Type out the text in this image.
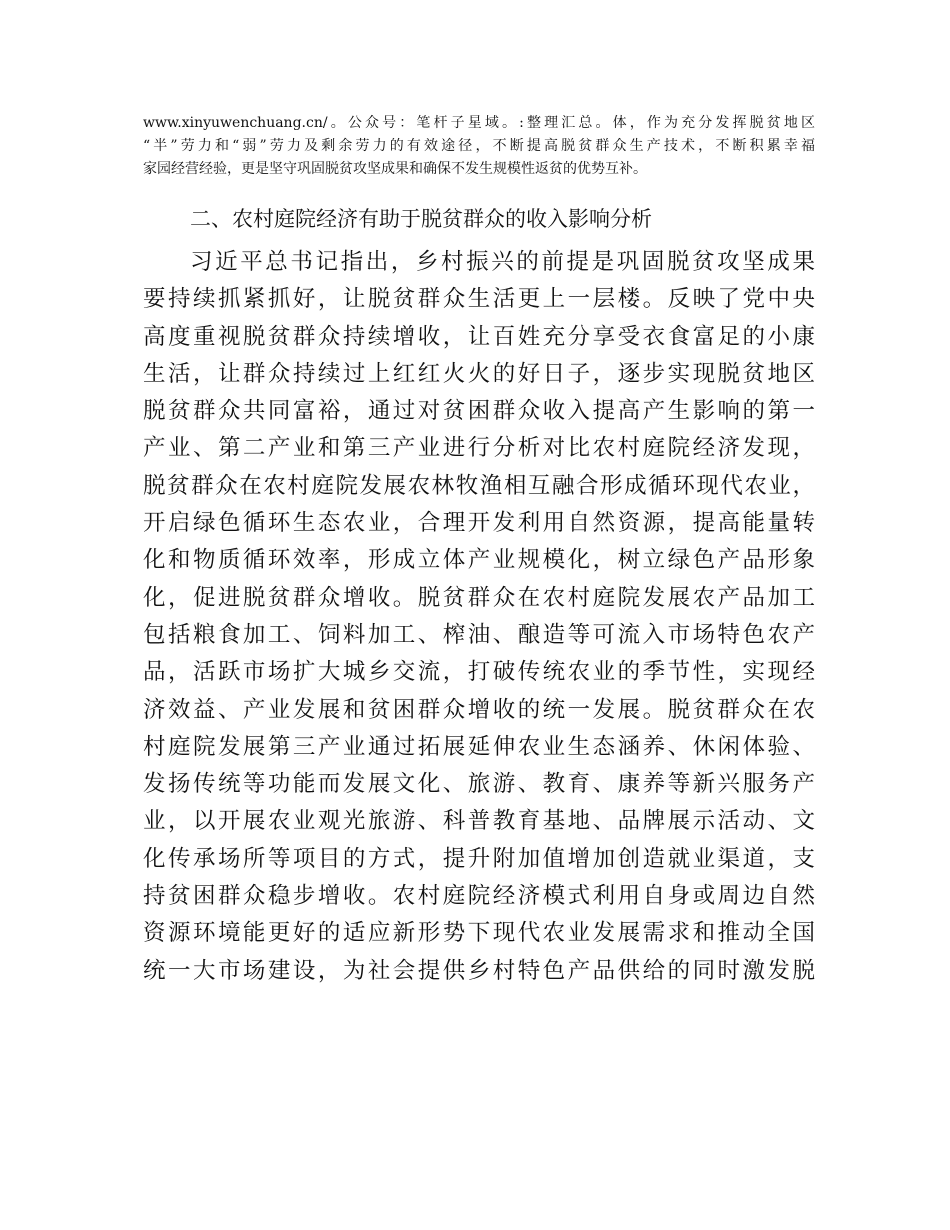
www.xinyuwenchuang.cn/。公众号：笔杆子星域。:整理汇总。体，作为充分发挥脱贫地区
“半”劳力和“弱”劳力及剩余劳力的有效途径，不断提高脱贫群众生产技术，不断积累幸福
家园经营经验，更是坚守巩固脱贫攻坚成果和确保不发生规模性返贫的优势互补。
二、农村庭院经济有助于脱贫群众的收入影响分析
习近平总书记指出，乡村振兴的前提是巩固脱贫攻坚成果
要持续抓紧抓好，让脱贫群众生活更上一层楼。反映了党中央
高度重视脱贫群众持续增收，让百姓充分享受衣食富足的小康
生活，让群众持续过上红红火火的好日子，逐步实现脱贫地区
脱贫群众共同富裕，通过对贫困群众收入提高产生影响的第一
产业、第二产业和第三产业进行分析对比农村庭院经济发现，
脱贫群众在农村庭院发展农林牧渔相互融合形成循环现代农业，
开启绿色循环生态农业，合理开发利用自然资源，提高能量转
化和物质循环效率，形成立体产业规模化，树立绿色产品形象
化，促进脱贫群众增收。脱贫群众在农村庭院发展农产品加工
包括粮食加工、饲料加工、榨油、酿造等可流入市场特色农产
品，活跃市场扩大城乡交流，打破传统农业的季节性，实现经
济效益、产业发展和贫困群众增收的统一发展。脱贫群众在农
村庭院发展第三产业通过拓展延伸农业生态涵养、休闲体验、
发扬传统等功能而发展文化、旅游、教育、康养等新兴服务产
业，以开展农业观光旅游、科普教育基地、品牌展示活动、文
化传承场所等项目的方式，提升附加值增加创造就业渠道，支
持贫困群众稳步增收。农村庭院经济模式利用自身或周边自然
资源环境能更好的适应新形势下现代农业发展需求和推动全国
统一大市场建设，为社会提供乡村特色产品供给的同时激发脱
